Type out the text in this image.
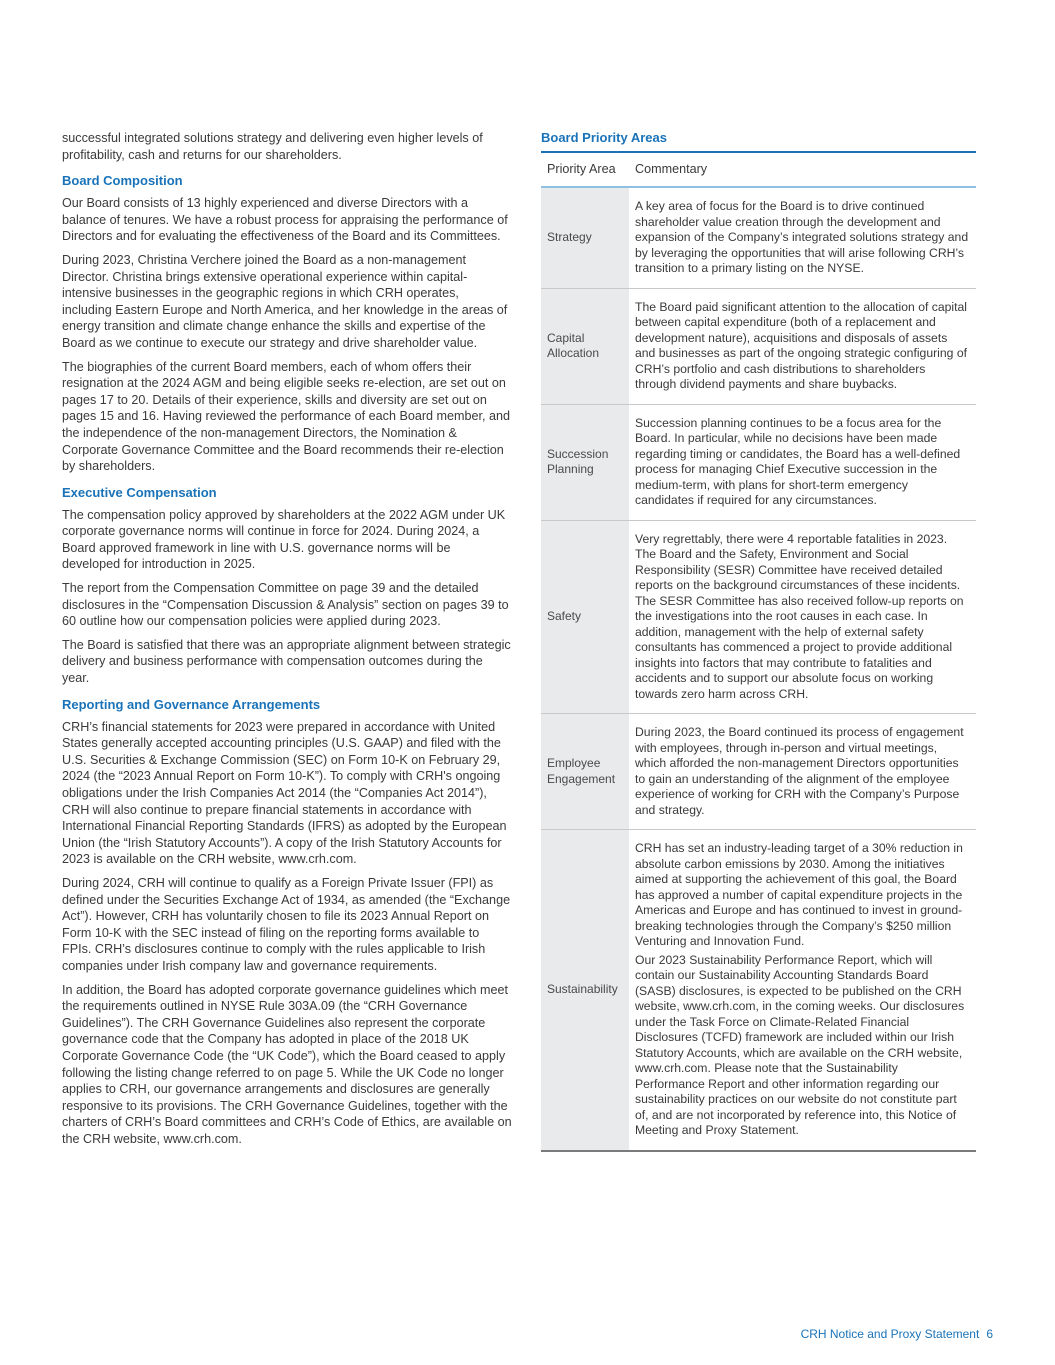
successful integrated solutions strategy and delivering even higher levels of profitability, cash and returns for our shareholders.

Board Composition

Our Board consists of 13 highly experienced and diverse Directors with a balance of tenures. We have a robust process for appraising the performance of Directors and for evaluating the effectiveness of the Board and its Committees.

During 2023, Christina Verchere joined the Board as a non-management Director. Christina brings extensive operational experience within capital-intensive businesses in the geographic regions in which CRH operates, including Eastern Europe and North America, and her knowledge in the areas of energy transition and climate change enhance the skills and expertise of the Board as we continue to execute our strategy and drive shareholder value.

The biographies of the current Board members, each of whom offers their resignation at the 2024 AGM and being eligible seeks re-election, are set out on pages 17 to 20. Details of their experience, skills and diversity are set out on pages 15 and 16. Having reviewed the performance of each Board member, and the independence of the non-management Directors, the Nomination & Corporate Governance Committee and the Board recommends their re-election by shareholders.

Executive Compensation

The compensation policy approved by shareholders at the 2022 AGM under UK corporate governance norms will continue in force for 2024. During 2024, a Board approved framework in line with U.S. governance norms will be developed for introduction in 2025.

The report from the Compensation Committee on page 39 and the detailed disclosures in the “Compensation Discussion & Analysis” section on pages 39 to 60 outline how our compensation policies were applied during 2023.

The Board is satisfied that there was an appropriate alignment between strategic delivery and business performance with compensation outcomes during the year.

Reporting and Governance Arrangements

CRH’s financial statements for 2023 were prepared in accordance with United States generally accepted accounting principles (U.S. GAAP) and filed with the U.S. Securities & Exchange Commission (SEC) on Form 10-K on February 29, 2024 (the “2023 Annual Report on Form 10-K”). To comply with CRH's ongoing obligations under the Irish Companies Act 2014 (the “Companies Act 2014”), CRH will also continue to prepare financial statements in accordance with International Financial Reporting Standards (IFRS) as adopted by the European Union (the “Irish Statutory Accounts”). A copy of the Irish Statutory Accounts for 2023 is available on the CRH website, www.crh.com.

During 2024, CRH will continue to qualify as a Foreign Private Issuer (FPI) as defined under the Securities Exchange Act of 1934, as amended (the “Exchange Act”). However, CRH has voluntarily chosen to file its 2023 Annual Report on Form 10-K with the SEC instead of filing on the reporting forms available to FPIs. CRH’s disclosures continue to comply with the rules applicable to Irish companies under Irish company law and governance requirements.

In addition, the Board has adopted corporate governance guidelines which meet the requirements outlined in NYSE Rule 303A.09 (the “CRH Governance Guidelines”). The CRH Governance Guidelines also represent the corporate governance code that the Company has adopted in place of the 2018 UK Corporate Governance Code (the “UK Code”), which the Board ceased to apply following the listing change referred to on page 5. While the UK Code no longer applies to CRH, our governance arrangements and disclosures are generally responsive to its provisions. The CRH Governance Guidelines, together with the charters of CRH’s Board committees and CRH’s Code of Ethics, are available on the CRH website, www.crh.com.

Board Priority Areas
Priority Area	Commentary
Strategy	A key area of focus for the Board is to drive continued shareholder value creation through the development and expansion of the Company’s integrated solutions strategy and by leveraging the opportunities that will arise following CRH’s transition to a primary listing on the NYSE.

Capital Allocation	The Board paid significant attention to the allocation of capital between capital expenditure (both of a replacement and development nature), acquisitions and disposals of assets and businesses as part of the ongoing strategic configuring of CRH’s portfolio and cash distributions to shareholders through dividend payments and share buybacks.

Succession Planning	Succession planning continues to be a focus area for the Board. In particular, while no decisions have been made regarding timing or candidates, the Board has a well-defined process for managing Chief Executive succession in the medium-term, with plans for short-term emergency candidates if required for any circumstances.

Safety	Very regrettably, there were 4 reportable fatalities in 2023. The Board and the Safety, Environment and Social Responsibility (SESR) Committee have received detailed reports on the background circumstances of these incidents. The SESR Committee has also received follow-up reports on the investigations into the root causes in each case. In addition, management with the help of external safety consultants has commenced a project to provide additional insights into factors that may contribute to fatalities and accidents and to support our absolute focus on working towards zero harm across CRH.

Employee Engagement	During 2023, the Board continued its process of engagement with employees, through in-person and virtual meetings, which afforded the non-management Directors opportunities to gain an understanding of the alignment of the employee experience of working for CRH with the Company’s Purpose and strategy.

Sustainability	CRH has set an industry-leading target of a 30% reduction in absolute carbon emissions by 2030. Among the initiatives aimed at supporting the achievement of this goal, the Board has approved a number of capital expenditure projects in the Americas and Europe and has continued to invest in ground-breaking technologies through the Company’s $250 million Venturing and Innovation Fund.

Our 2023 Sustainability Performance Report, which will contain our Sustainability Accounting Standards Board (SASB) disclosures, is expected to be published on the CRH website, www.crh.com, in the coming weeks. Our disclosures under the Task Force on Climate-Related Financial Disclosures (TCFD) framework are included within our Irish Statutory Accounts, which are available on the CRH website, www.crh.com. Please note that the Sustainability Performance Report and other information regarding our sustainability practices on our website do not constitute part of, and are not incorporated by reference into, this Notice of Meeting and Proxy Statement.

CRH Notice and Proxy Statement 6
